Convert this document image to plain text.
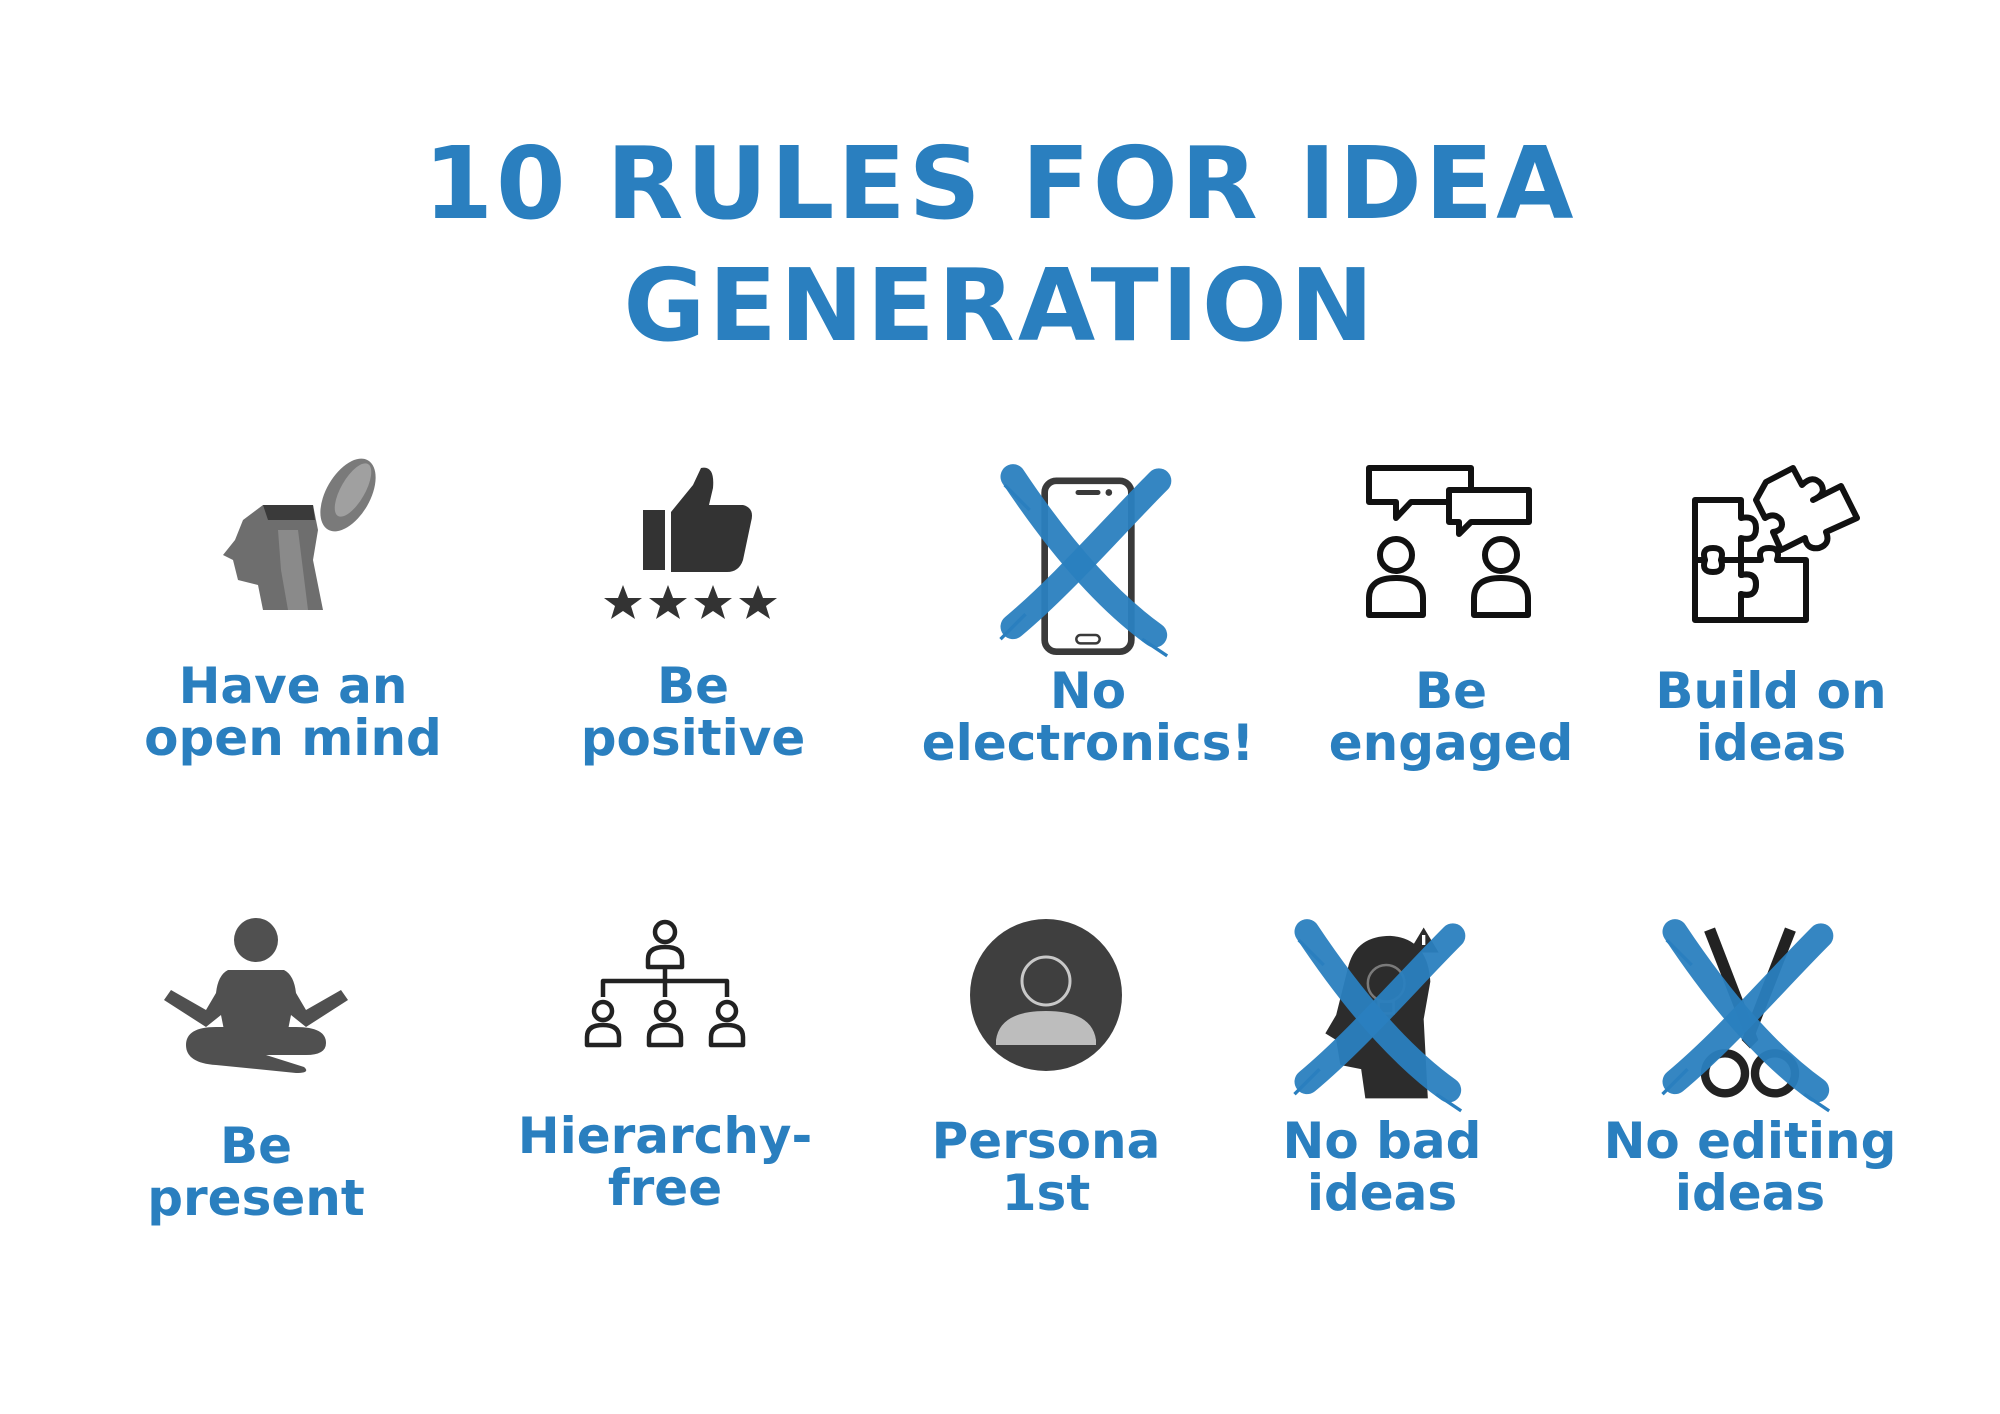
10 RULES FOR IDEA
GENERATION
Have an
open mind
Be
positive
No
electronics!
Be
engaged
Build on
ideas
Be
present
Hierarchy-
free
Persona
1st
No bad
ideas
No editing
ideas
